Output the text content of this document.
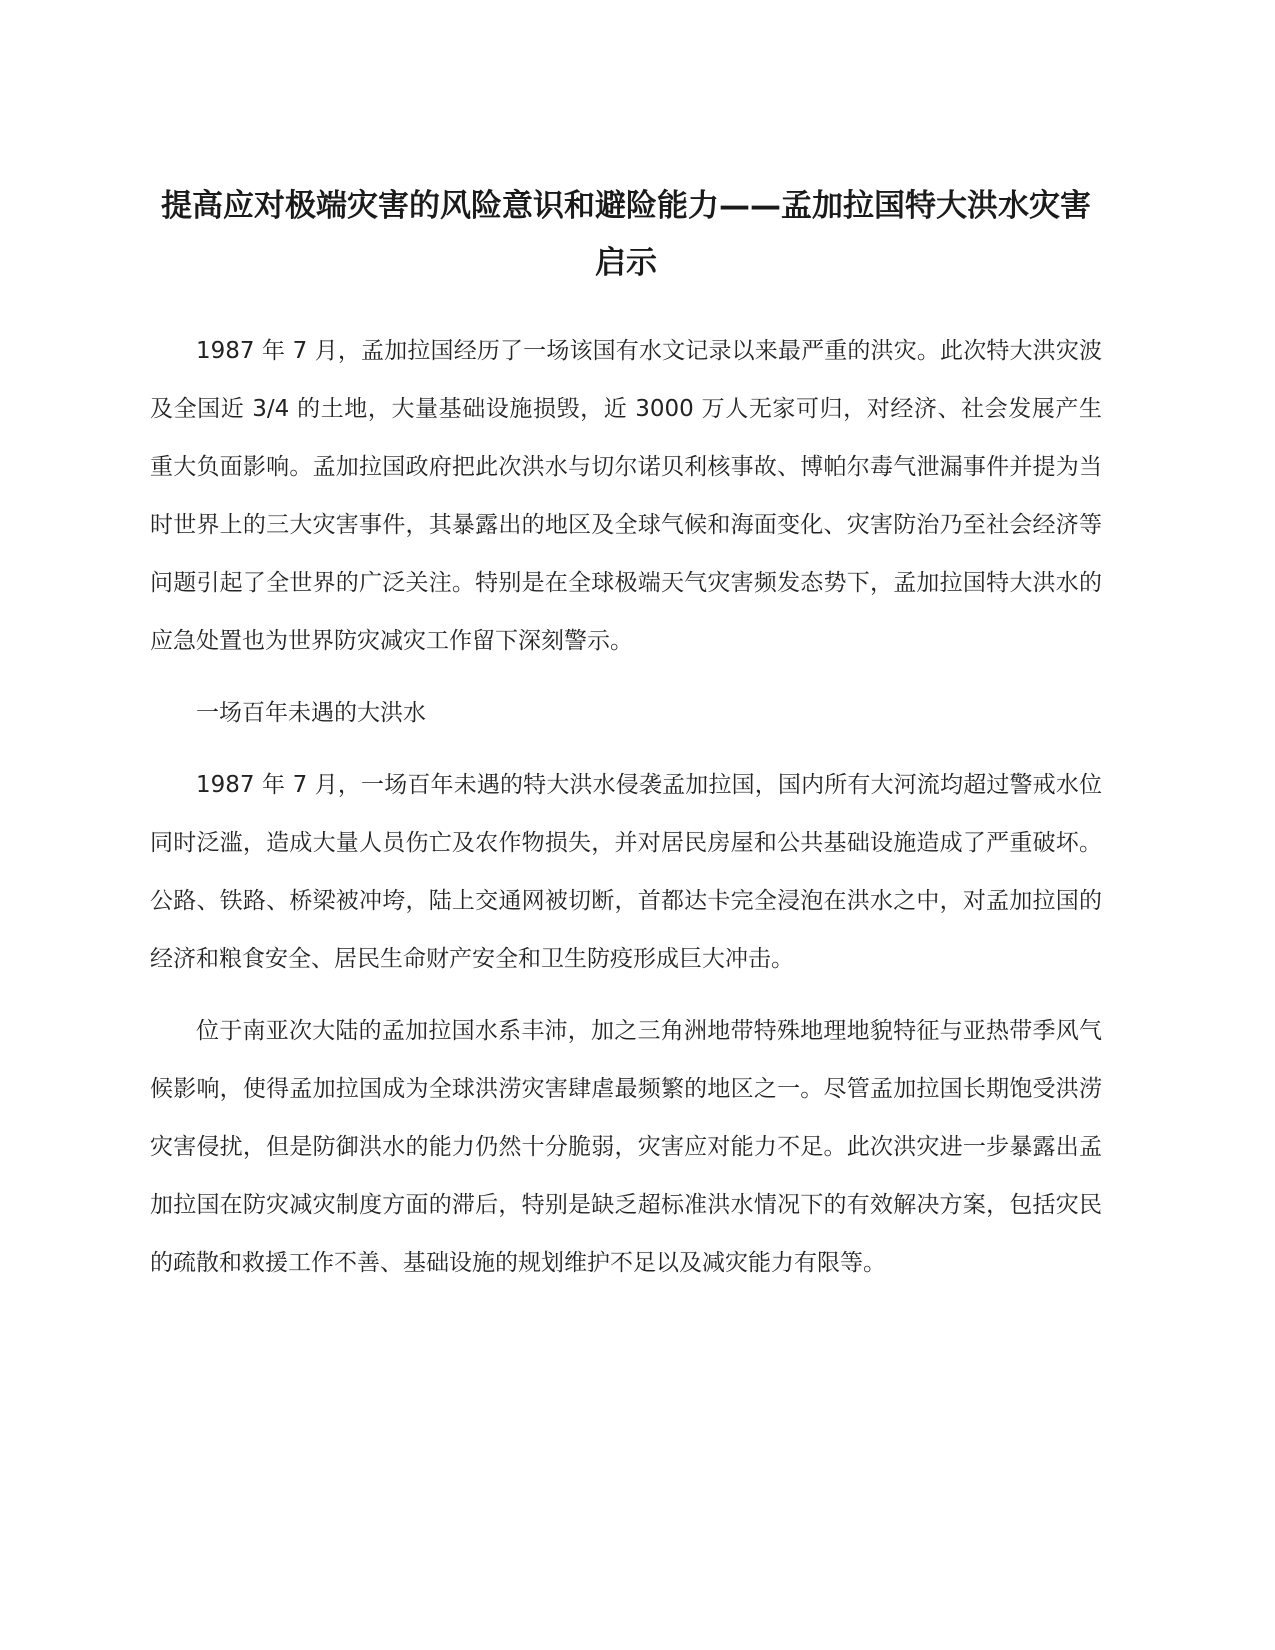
提高应对极端灾害的风险意识和避险能力——孟加拉国特大洪水灾害
启示

1987 年 7 月，孟加拉国经历了一场该国有水文记录以来最严重的洪灾。此次特大洪灾波及全国近 3/4 的土地，大量基础设施损毁，近 3000 万人无家可归，对经济、社会发展产生重大负面影响。孟加拉国政府把此次洪水与切尔诺贝利核事故、博帕尔毒气泄漏事件并提为当时世界上的三大灾害事件，其暴露出的地区及全球气候和海面变化、灾害防治乃至社会经济等问题引起了全世界的广泛关注。特别是在全球极端天气灾害频发态势下，孟加拉国特大洪水的应急处置也为世界防灾减灾工作留下深刻警示。

一场百年未遇的大洪水

1987 年 7 月，一场百年未遇的特大洪水侵袭孟加拉国，国内所有大河流均超过警戒水位同时泛滥，造成大量人员伤亡及农作物损失，并对居民房屋和公共基础设施造成了严重破坏。公路、铁路、桥梁被冲垮，陆上交通网被切断，首都达卡完全浸泡在洪水之中，对孟加拉国的经济和粮食安全、居民生命财产安全和卫生防疫形成巨大冲击。

位于南亚次大陆的孟加拉国水系丰沛，加之三角洲地带特殊地理地貌特征与亚热带季风气候影响，使得孟加拉国成为全球洪涝灾害肆虐最频繁的地区之一。尽管孟加拉国长期饱受洪涝灾害侵扰，但是防御洪水的能力仍然十分脆弱，灾害应对能力不足。此次洪灾进一步暴露出孟加拉国在防灾减灾制度方面的滞后，特别是缺乏超标准洪水情况下的有效解决方案，包括灾民的疏散和救援工作不善、基础设施的规划维护不足以及减灾能力有限等。
